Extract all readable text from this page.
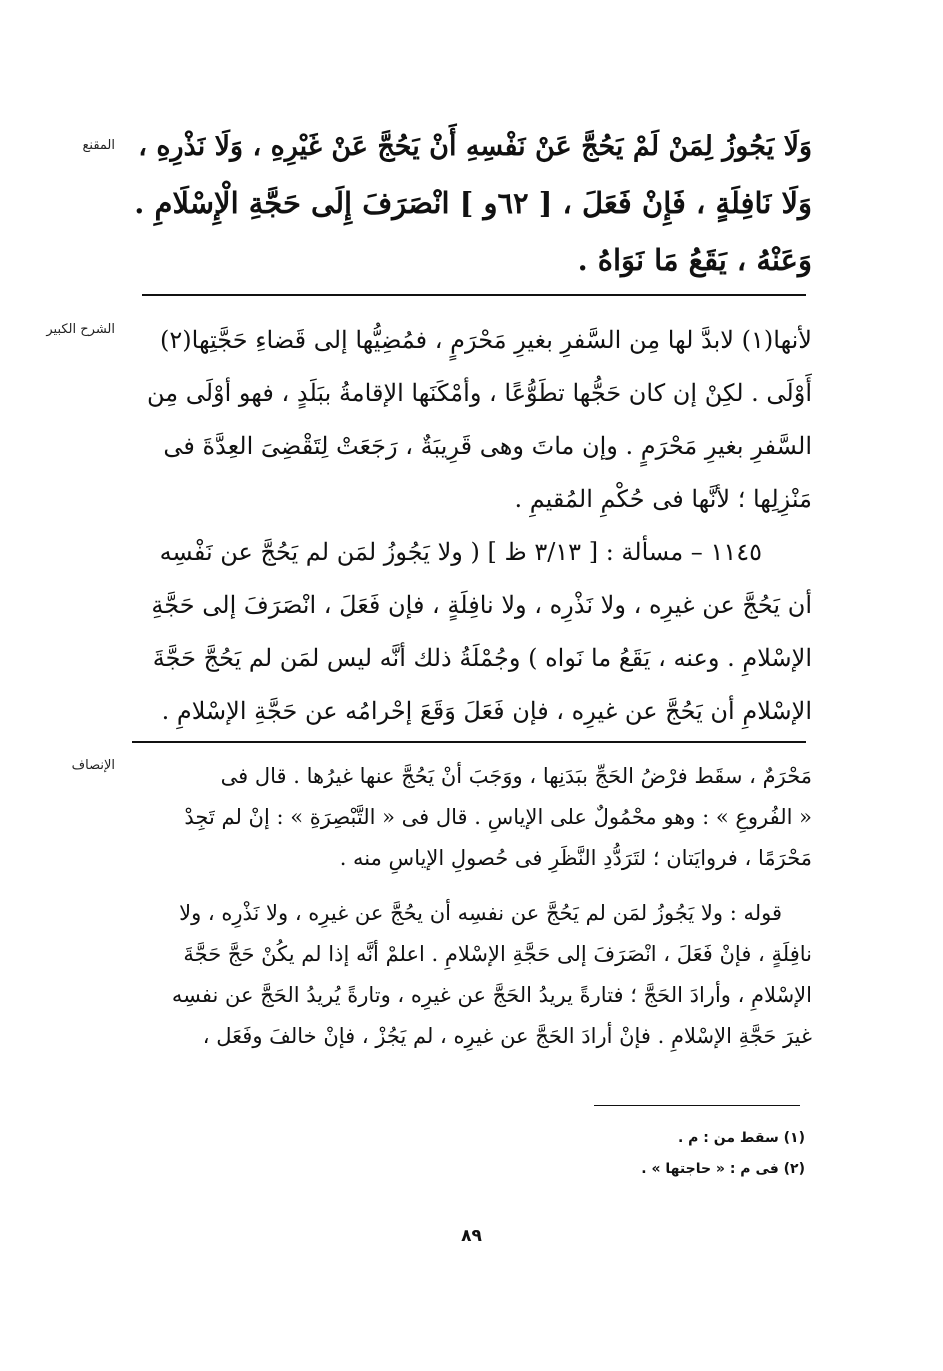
المقنع وَلَا يَجُوزُ لِمَنْ لَمْ يَحُجَّ عَنْ نَفْسِهِ أَنْ يَحُجَّ عَنْ غَيْرِهِ ، وَلَا نَذْرِهِ ،
وَلَا نَافِلَةٍ ، فَإِنْ فَعَلَ ، [ ٦٢و ] انْصَرَفَ إِلَى حَجَّةِ الْإِسْلَامِ .
وَعَنْهُ ، يَقَعُ مَا نَوَاهُ .
الشرح الكبير	لأنها(١) لابدَّ لها مِن السَّفرِ بغيرِ مَحْرَمٍ ، فمُضِيُّها إلى قَضاءِ حَجَّتِها(٢)
أَوْلَى . لكِنْ إن كان حَجُّها تطَوُّعًا ، وأمْكَنَها الإقامةُ ببَلَدٍ ، فهو أوْلَى مِن
السَّفرِ بغيرِ مَحْرَمٍ . وإن ماتَ وهى قَرِيبَةٌ ، رَجَعَتْ لِتَقْضِىَ العِدَّةَ فى
مَنْزِلِها ؛ لأنَّها فى حُكْمِ المُقيمِ .
١١٤٥ – مسألة : [ ٣/١٣ ظ ] ( ولا يَجُوزُ لمَن لم يَحُجَّ عن نَفْسِه
أن يَحُجَّ عن غيرِه ، ولا نَذْرِه ، ولا نافِلَةٍ ، فإن فَعَلَ ، انْصَرَفَ إلى حَجَّةِ
الإسْلامِ . وعنه ، يَقَعُ ما نَواه ) وجُمْلَةُ ذلك أنَّه ليس لمَن لم يَحُجَّ حَجَّةَ
الإسْلامِ أن يَحُجَّ عن غيرِه ، فإن فَعَلَ وَقَعَ إحْرامُه عن حَجَّةِ الإسْلامِ .
الإنصاف	مَحْرَمٌ ، سقَط فرْضُ الحَجِّ ببَدَنِها ، ووَجَبَ أنْ يَحُجَّ عنها غيرُها . قال فى
« الفُروعِ » : وهو محْمُولٌ على الإياسِ . قال فى « التَّبْصِرَةِ » : إنْ لم تَجِدْ
مَحْرَمًا ، فروايَتان ؛ لتَرَدُّدِ النَّظَرِ فى حُصولِ الإياسِ منه .
قوله : ولا يَجُوزُ لمَن لم يَحُجَّ عن نفسِه أن يحُجَّ عن غيرِه ، ولا نَذْرِه ، ولا
نافِلَةٍ ، فإنْ فَعَلَ ، انْصَرَفَ إلى حَجَّةِ الإسْلامِ . اعلمْ أنَّه إذا لم يكُنْ حَجَّ حَجَّةَ
الإسْلامِ ، وأرادَ الحَجَّ ؛ فتارةً يريدُ الحَجَّ عن غيرِه ، وتارةً يُريدُ الحَجَّ عن نفسِه
غيرَ حَجَّةِ الإسْلامِ . فإنْ أرادَ الحَجَّ عن غيرِه ، لم يَجُزْ ، فإنْ خالفَ وفَعَل ،
(١) سقط من : م .
(٢) فى م : « حاجتها » .
٨٩
